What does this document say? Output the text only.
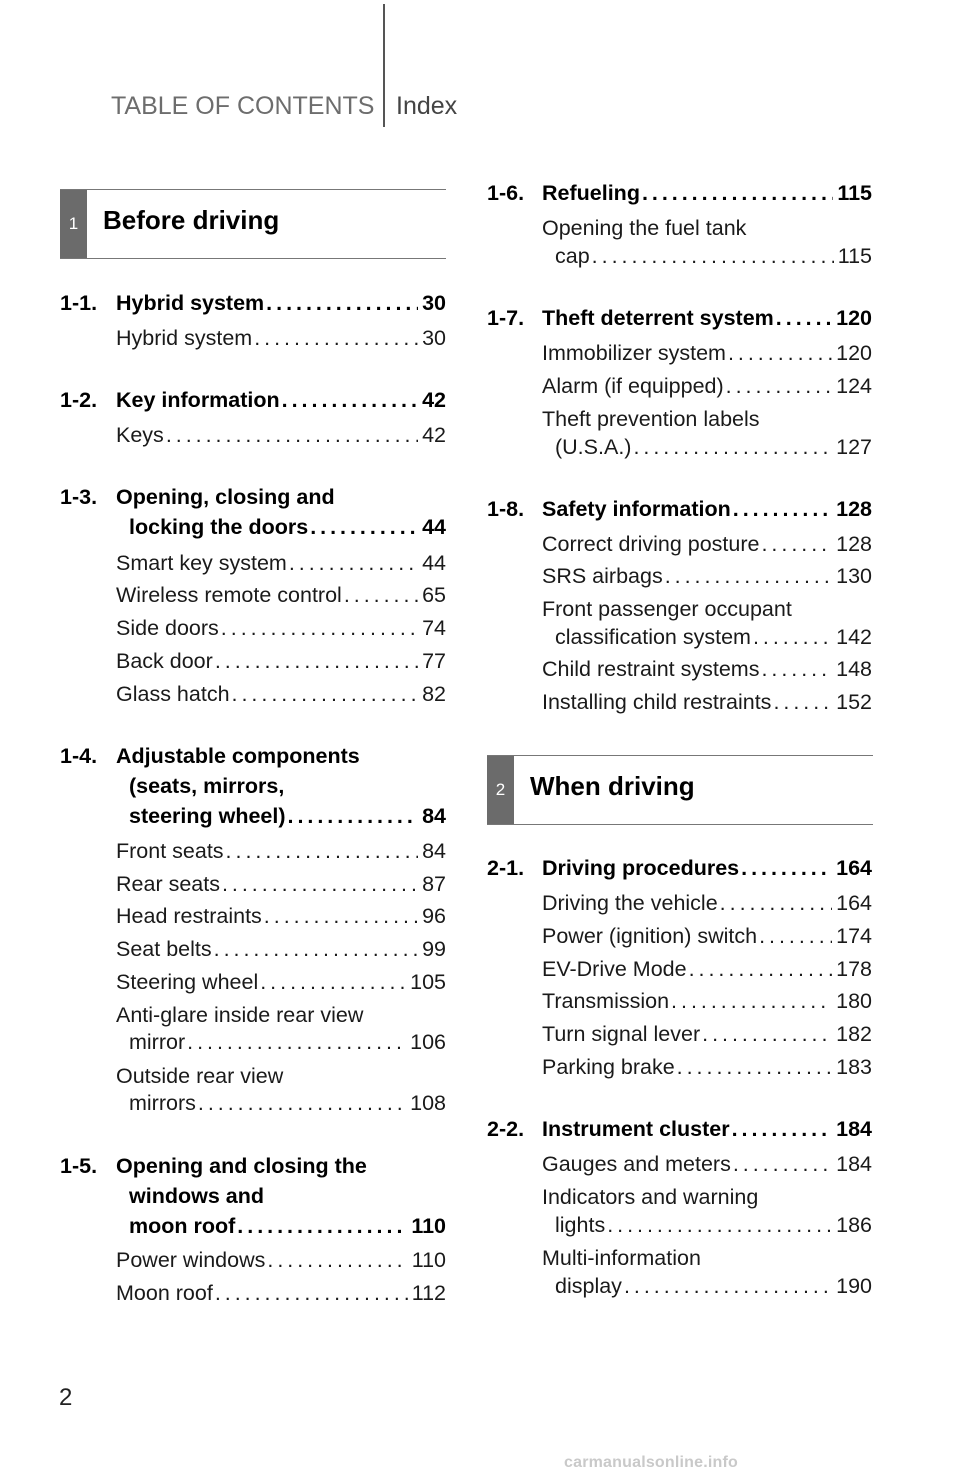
TABLE OF CONTENTS Index
1 Before driving
1-1. Hybrid system . . .	30
Hybrid system . . .	30
1-2. Key information . . .	42
Keys . . .	42
1-3. Opening, closing and
locking the doors . . .	44
Smart key system . . .	44
Wireless remote control . . .	65
Side doors . . .	74
Back door . . .	77
Glass hatch . . .	82
1-4. Adjustable components
(seats, mirrors,
steering wheel) . . .	84
Front seats . . .	84
Rear seats . . .	87
Head restraints . . .	96
Seat belts . . .	99
Steering wheel . . .	105
Anti-glare inside rear view
mirror . . .	106
Outside rear view
mirrors . . .	108
1-5. Opening and closing the
windows and
moon roof . . .	110
Power windows . . .	110
Moon roof . . .	112
1-6. Refueling . . .	115
Opening the fuel tank
cap . . .	115
1-7. Theft deterrent system . . .	120
Immobilizer system . . .	120
Alarm (if equipped) . . .	124
Theft prevention labels
(U.S.A.) . . .	127
1-8. Safety information . . .	128
Correct driving posture . . .	128
SRS airbags . . .	130
Front passenger occupant
classification system . . .	142
Child restraint systems . . .	148
Installing child restraints . . .	152
2 When driving
2-1. Driving procedures . . .	164
Driving the vehicle . . .	164
Power (ignition) switch . . .	174
EV-Drive Mode . . .	178
Transmission . . .	180
Turn signal lever . . .	182
Parking brake . . .	183
2-2. Instrument cluster . . .	184
Gauges and meters . . .	184
Indicators and warning
lights . . .	186
Multi-information
display . . .	190
2
carmanualsonline.info
